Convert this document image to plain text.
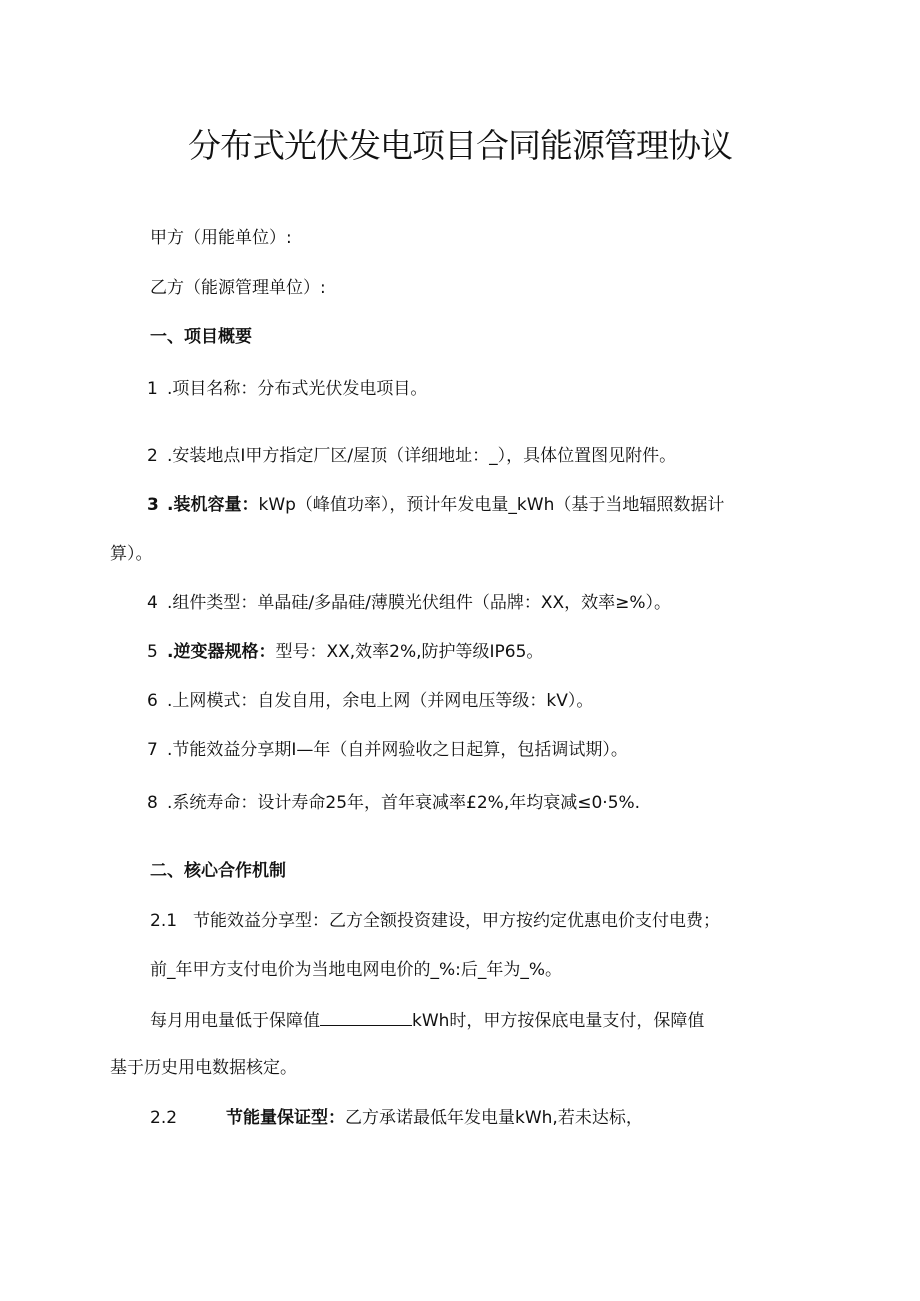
分布式光伏发电项目合同能源管理协议
甲方（用能单位）:
乙方（能源管理单位）:
一、项目概要
1 .项目名称：分布式光伏发电项目。
2 .安装地点I甲方指定厂区/屋顶（详细地址：_），具体位置图见附件。
3 .装机容量：kWp（峰值功率），预计年发电量_kWh（基于当地辐照数据计
算）。
4 .组件类型：单晶硅/多晶硅/薄膜光伏组件（品牌：XX，效率≥%）。
5 .逆变器规格：型号：XX,效率2%,防护等级IP65。
6 .上网模式：自发自用，余电上网（并网电压等级：kV）。
7 .节能效益分享期I—年（自并网验收之日起算，包括调试期）。
8 .系统寿命：设计寿命25年，首年衰减率£2%,年均衰减≤0·5%.
二、核心合作机制
2.1 节能效益分享型：乙方全额投资建设，甲方按约定优惠电价支付电费；
前_年甲方支付电价为当地电网电价的_%:后_年为_%。
每月用电量低于保障值	kWh时，甲方按保底电量支付，保障值
基于历史用电数据核定。
2.2	节能量保证型：乙方承诺最低年发电量kWh,若未达标，
